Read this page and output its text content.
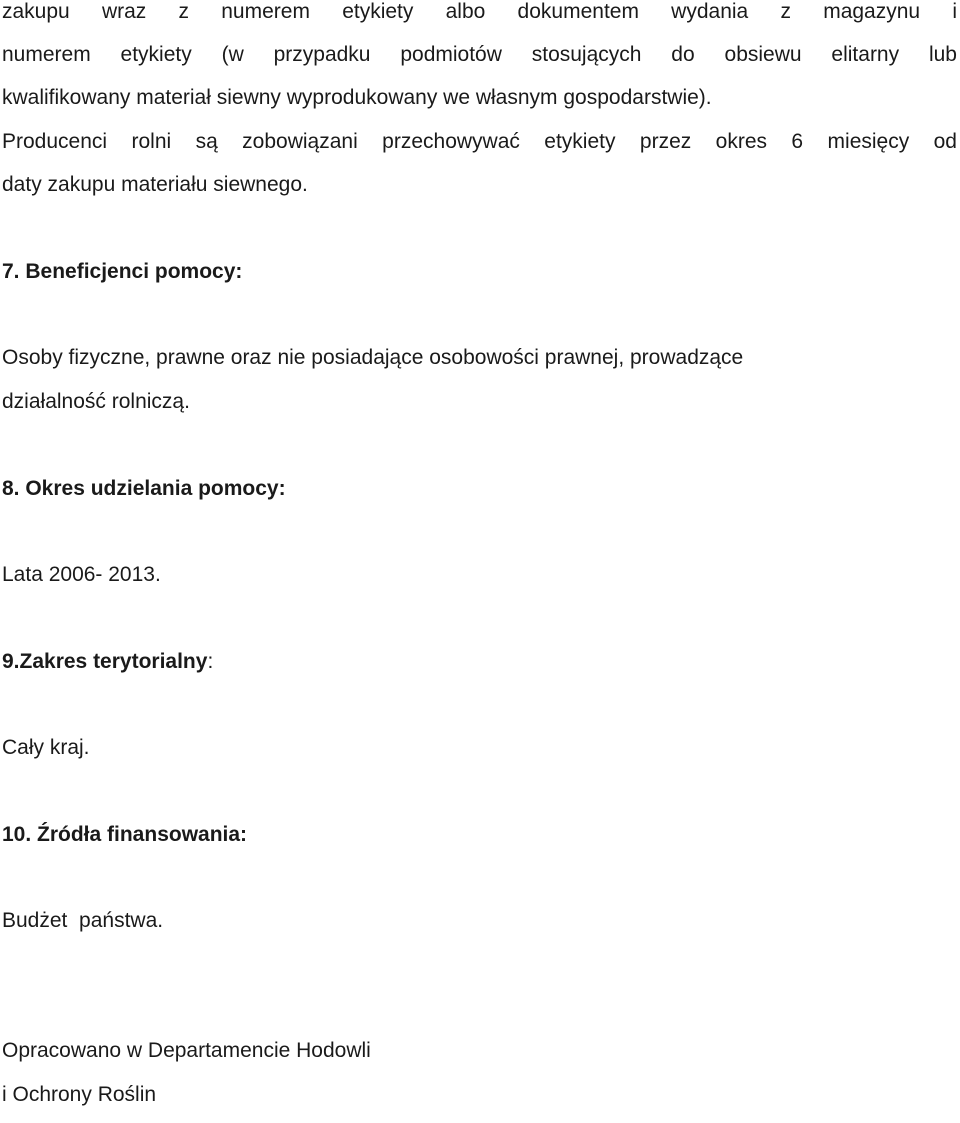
zakupu wraz z numerem etykiety albo dokumentem wydania z magazynu i
numerem etykiety (w przypadku podmiotów stosujących do obsiewu elitarny lub
kwalifikowany materiał siewny wyprodukowany we własnym gospodarstwie).
Producenci rolni są zobowiązani przechowywać etykiety przez okres 6 miesięcy od
daty zakupu materiału siewnego.
7. Beneficjenci pomocy:
Osoby fizyczne, prawne oraz nie posiadające osobowości prawnej, prowadzące
działalność rolniczą.
8. Okres udzielania pomocy:
Lata 2006- 2013.
9.Zakres terytorialny:
Cały kraj.
10. Źródła finansowania:
Budżet  państwa.
Opracowano w Departamencie Hodowli
i Ochrony Roślin
